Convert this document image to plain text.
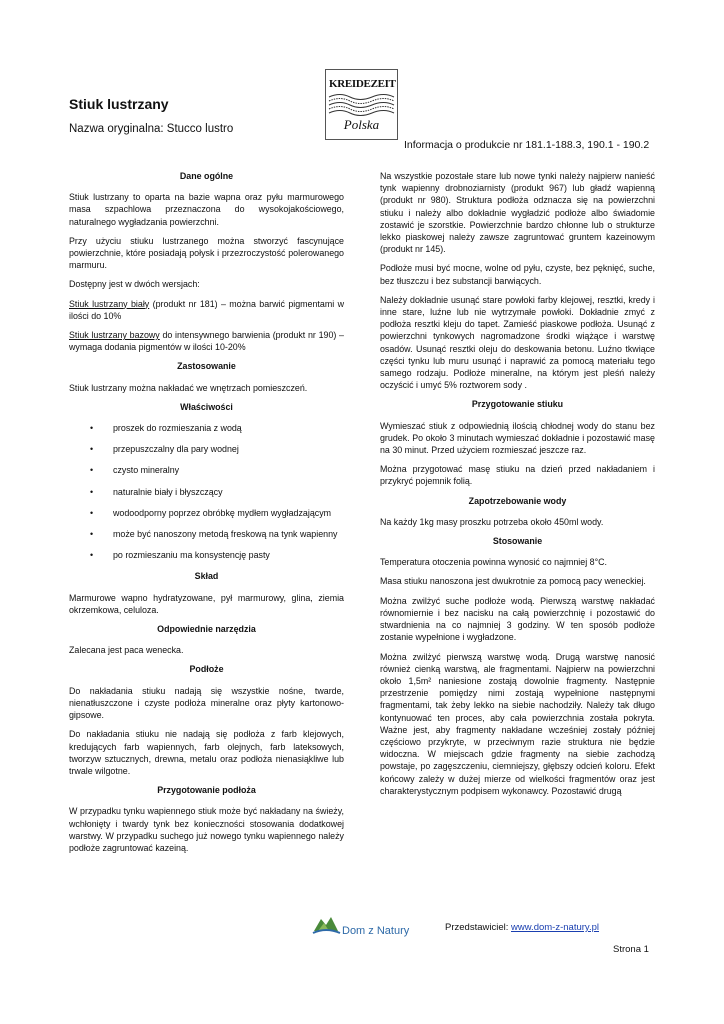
Stiuk lustrzany
Nazwa oryginalna: Stucco lustro
KREIDEZEIT
Polska
Informacja o produkcie nr 181.1-188.3, 190.1 - 190.2
Dane ogólne
Stiuk lustrzany to oparta na bazie wapna oraz pyłu marmurowego masa szpachlowa przeznaczona do wysokojakościowego, naturalnego wygładzania powierzchni.
Przy użyciu stiuku lustrzanego można stworzyć fascynujące powierzchnie, które posiadają połysk i przezroczystość polerowanego marmuru.
Dostępny jest w dwóch wersjach:
Stiuk lustrzany biały (produkt nr 181) – można barwić pigmentami w ilości do 10%
Stiuk lustrzany bazowy do intensywnego barwienia (produkt nr 190) – wymaga dodania pigmentów w ilości 10-20%
Zastosowanie
Stiuk lustrzany można nakładać we wnętrzach pomieszczeń.
Właściwości
• proszek do rozmieszania z wodą
• przepuszczalny dla pary wodnej
• czysto mineralny
• naturalnie biały i błyszczący
• wodoodporny poprzez obróbkę mydłem wygładzającym
• może być nanoszony metodą freskową na tynk wapienny
• po rozmieszaniu ma konsystencję pasty
Skład
Marmurowe wapno hydratyzowane, pył marmurowy, glina, ziemia okrzemkowa, celuloza.
Odpowiednie narzędzia
Zalecana jest paca wenecka.
Podłoże
Do nakładania stiuku nadają się wszystkie nośne, twarde, nienatłuszczone i czyste podłoża mineralne oraz płyty kartonowo-gipsowe.
Do nakładania stiuku nie nadają się podłoża z farb klejowych, kredujących farb wapiennych, farb olejnych, farb lateksowych, tworzyw sztucznych, drewna, metalu oraz podłoża nienasiąkliwe lub trwale wilgotne.
Przygotowanie podłoża
W przypadku tynku wapiennego stiuk może być nakładany na świeży, wchłonięty i twardy tynk bez konieczności stosowania dodatkowej warstwy. W przypadku suchego już nowego tynku wapiennego należy podłoże zagruntować kazeiną.
Na wszystkie pozostałe stare lub nowe tynki należy najpierw nanieść tynk wapienny drobnoziarnisty (produkt 967) lub gładź wapienną (produkt nr 980). Struktura podłoża odznacza się na powierzchni stiuku i należy albo dokładnie wygładzić podłoże albo świadomie zostawić je szorstkie. Powierzchnie bardzo chłonne lub o strukturze lekko piaskowej należy zawsze zagruntować gruntem kazeinowym (produkt nr 145).
Podłoże musi być mocne, wolne od pyłu, czyste, bez pęknięć, suche, bez tłuszczu i bez substancji barwiących.
Należy dokładnie usunąć stare powłoki farby klejowej, resztki, kredy i inne stare, luźne lub nie wytrzymałe powłoki. Dokładnie zmyć z podłoża resztki kleju do tapet. Zamieść piaskowe podłoża. Usunąć z powierzchni tynkowych nagromadzone środki wiążące i warstwę osadów. Usunąć resztki oleju do deskowania betonu. Luźno tkwiące części tynku lub muru usunąć i naprawić za pomocą materiału tego samego rodzaju. Podłoże mineralne, na którym jest pleśń należy oczyścić i umyć 5% roztworem sody .
Przygotowanie stiuku
Wymieszać stiuk z odpowiednią ilością chłodnej wody do stanu bez grudek. Po około 3 minutach wymieszać dokładnie i pozostawić masę na 30 minut. Przed użyciem rozmieszać jeszcze raz.
Można przygotować masę stiuku na dzień przed nakładaniem i przykryć pojemnik folią.
Zapotrzebowanie wody
Na każdy 1kg masy proszku potrzeba około 450ml wody.
Stosowanie
Temperatura otoczenia powinna wynosić co najmniej 8°C.
Masa stiuku nanoszona jest dwukrotnie za pomocą pacy weneckiej.
Można zwilżyć suche podłoże wodą. Pierwszą warstwę nakładać równomiernie i bez nacisku na całą powierzchnię i pozostawić do stwardnienia na co najmniej 3 godziny. W ten sposób podłoże zostanie wypełnione i wygładzone.
Można zwilżyć pierwszą warstwę wodą. Drugą warstwę nanosić również cienką warstwą, ale fragmentami. Najpierw na powierzchni około 1,5m² naniesione zostają dowolnie fragmenty. Następnie przestrzenie pomiędzy nimi zostają wypełnione następnymi fragmentami, tak żeby lekko na siebie nachodziły. Należy tak długo kontynuować ten proces, aby cała powierzchnia została pokryta. Ważne jest, aby fragmenty nakładane wcześniej zostały później częściowo przykryte, w przeciwnym razie struktura nie będzie widoczna. W miejscach gdzie fragmenty na siebie zachodzą powstaje, po zagęszczeniu, ciemniejszy, głębszy odcień koloru. Efekt końcowy zależy w dużej mierze od wielkości fragmentów oraz jest charakterystycznym podpisem wykonawcy. Pozostawić drugą
Dom z Natury	Przedstawiciel: www.dom-z-natury.pl
Strona 1
